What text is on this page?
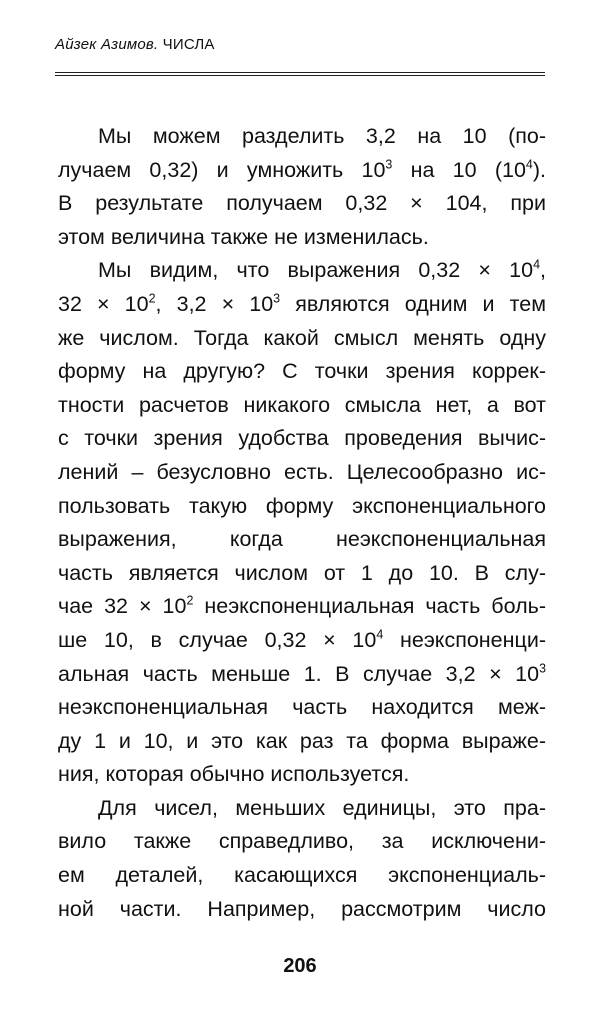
Айзек Азимов. ЧИСЛА
Мы можем разделить 3,2 на 10 (по-
лучаем 0,32) и умножить $10^3$ на 10 $(10^4)$.
В результате получаем 0,32 × 104, при
этом величина также не изменилась.
Мы видим, что выражения $0,32 \times 10^4$,
$32 \times 10^2$, $3,2 \times 10^3$ являются одним и тем
же числом. Тогда какой смысл менять одну
форму на другую? С точки зрения коррек-
тности расчетов никакого смысла нет, а вот
с точки зрения удобства проведения вычис-
лений – безусловно есть. Целесообразно ис-
пользовать такую форму экспоненциального
выражения, когда неэкспоненциальная
часть является числом от 1 до 10. В слу-
чае $32 \times 10^2$ неэкспоненциальная часть боль-
ше 10, в случае $0,32 \times 10^4$ неэкспоненци-
альная часть меньше 1. В случае $3,2 \times 10^3$
неэкспоненциальная часть находится меж-
ду 1 и 10, и это как раз та форма выраже-
ния, которая обычно используется.
Для чисел, меньших единицы, это пра-
вило также справедливо, за исключени-
ем деталей, касающихся экспоненциаль-
ной части. Например, рассмотрим число
206
